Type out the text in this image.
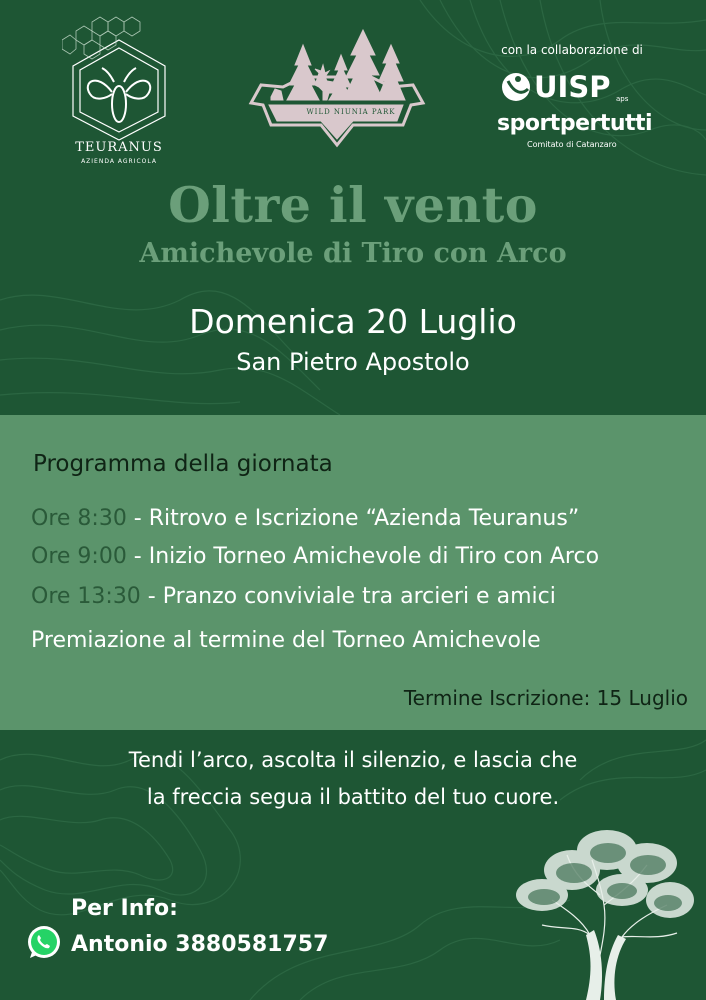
TEURANUS
AZIENDA AGRICOLA
WILD NIUNIA PARK
con la collaborazione di
UISP aps
sportpertutti
Comitato di Catanzaro
Oltre il vento
Amichevole di Tiro con Arco
Domenica 20 Luglio
San Pietro Apostolo
Programma della giornata
Ore 8:30 - Ritrovo e Iscrizione “Azienda Teuranus”
Ore 9:00 - Inizio Torneo Amichevole di Tiro con Arco
Ore 13:30 - Pranzo conviviale tra arcieri e amici
Premiazione al termine del Torneo Amichevole
Termine Iscrizione: 15 Luglio
Tendi l’arco, ascolta il silenzio, e lascia che
la freccia segua il battito del tuo cuore.
Per Info:
Antonio 3880581757
